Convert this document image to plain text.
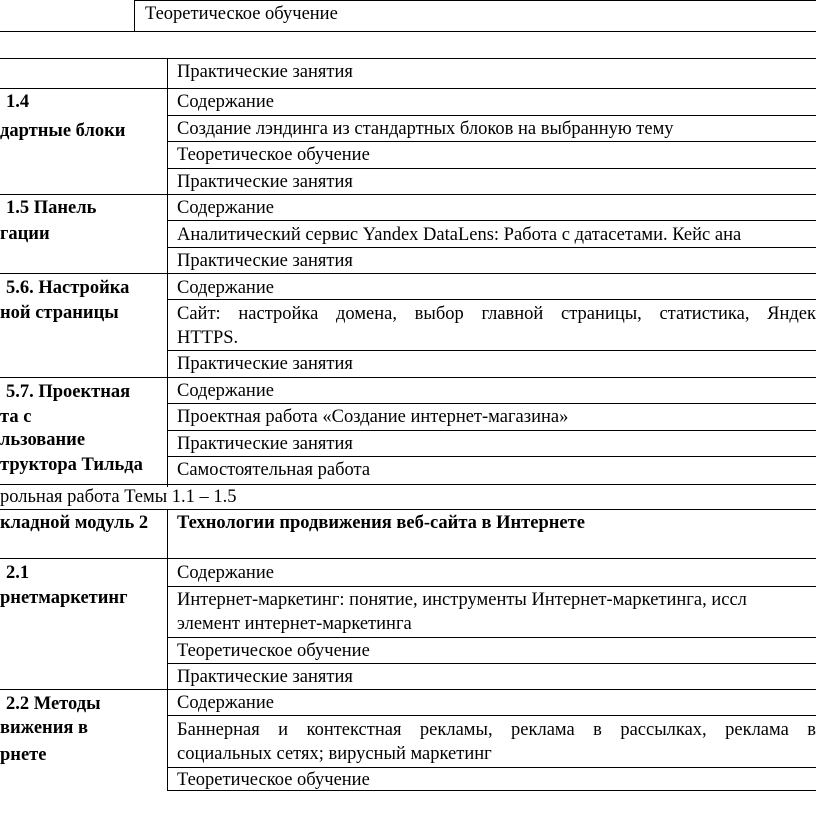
Теоретическое обучение
Практические занятия
1.4
дартные блоки
Содержание
Создание лэндинга из стандартных блоков на выбранную тему
Теоретическое обучение
Практические занятия
1.5 Панель
гации
Содержание
Аналитический сервис Yandex DataLens: Работа с датасетами. Кейс ана
Практические занятия
5.6. Настройка
ной страницы
Содержание
Сайт: настройка домена, выбор главной страницы, статистика, Яндек
HTTPS.
Практические занятия
5.7. Проектная
та с
льзование
труктора Тильда
Содержание
Проектная работа «Создание интернет-магазина»
Практические занятия
Самостоятельная работа
рольная работа Темы 1.1 – 1.5
кладной модуль 2 Технологии продвижения веб-сайта в Интернете
2.1
рнетмаркетинг
Содержание
Интернет-маркетинг: понятие, инструменты Интернет-маркетинга, иссл
элемент интернет-маркетинга
Теоретическое обучение
Практические занятия
2.2 Методы
вижения в
рнете
Содержание
Баннерная и контекстная рекламы, реклама в рассылках, реклама в
социальных сетях; вирусный маркетинг
Теоретическое обучение
